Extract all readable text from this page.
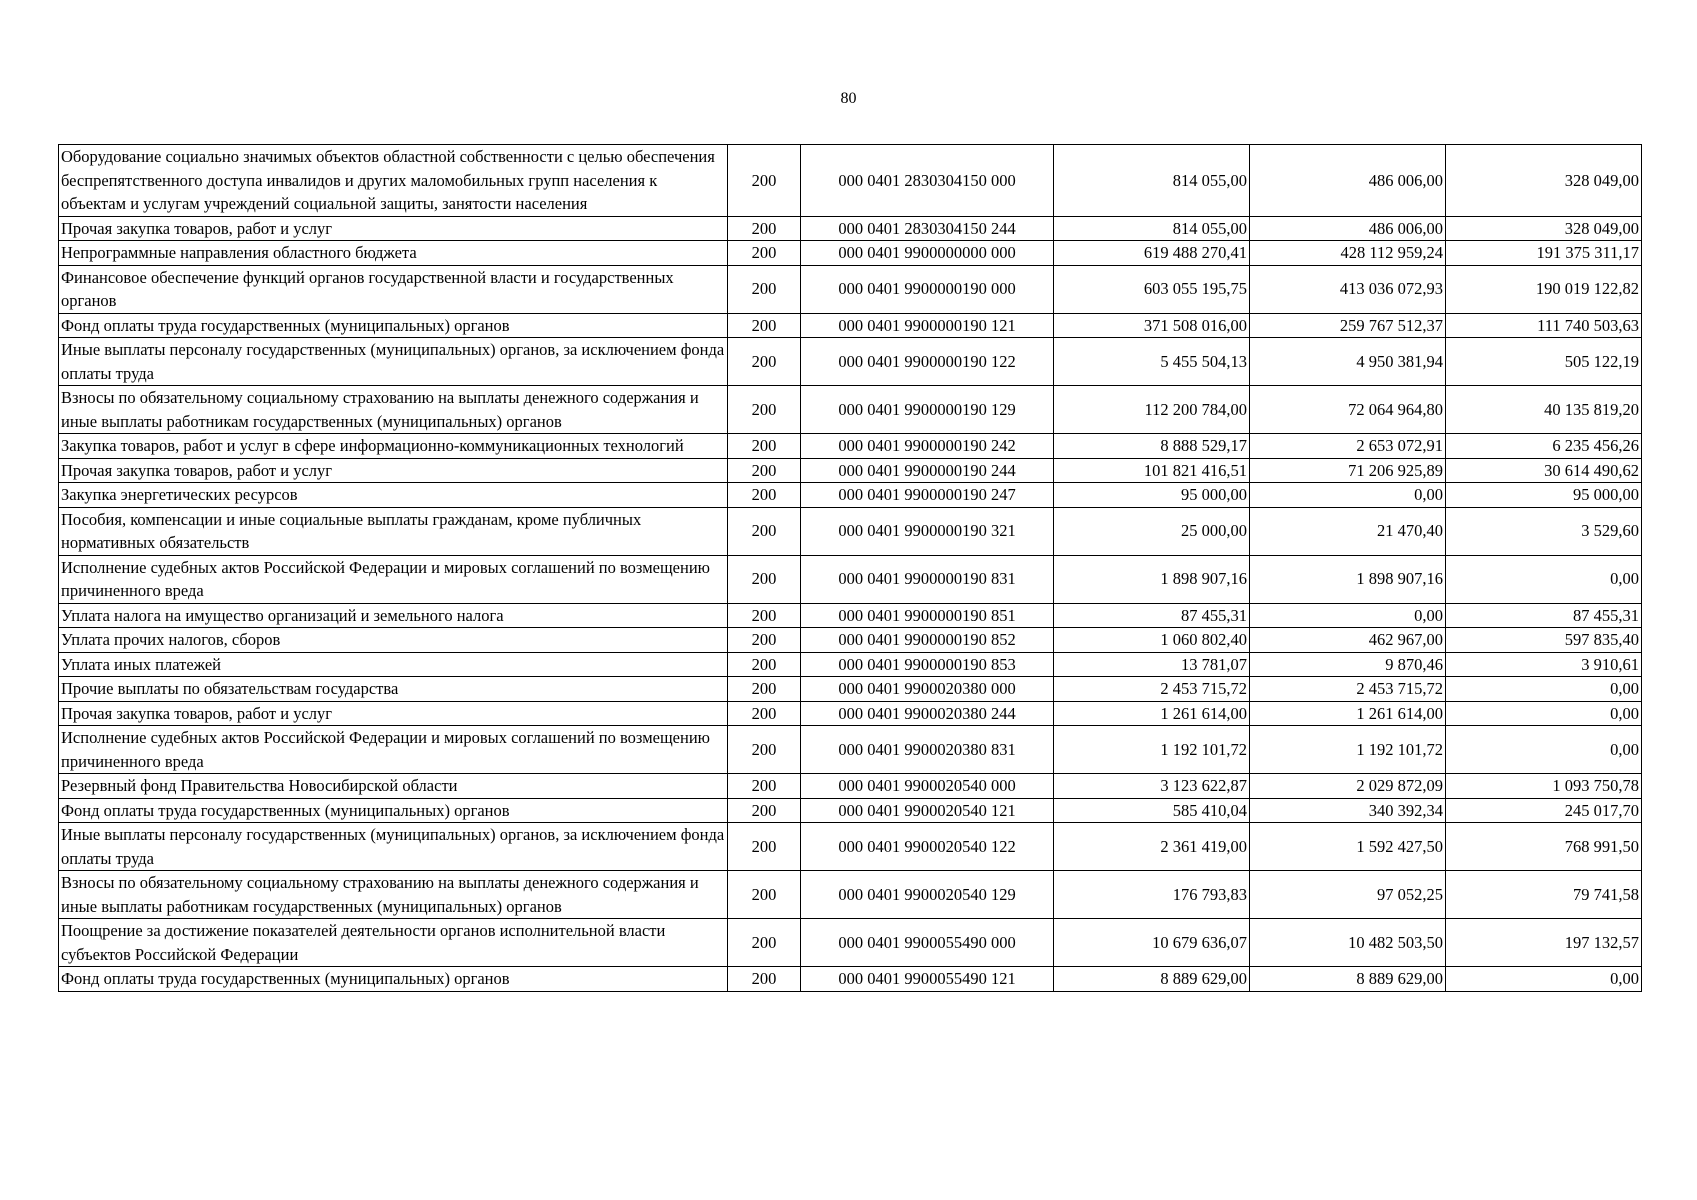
80
Оборудование социально значимых объектов областной собственности с целью обеспечения беспрепятственного доступа инвалидов и других маломобильных групп населения к объектам и услугам учреждений социальной защиты, занятости населения	200	000 0401 2830304150 000	814 055,00	486 006,00	328 049,00
Прочая закупка товаров, работ и услуг	200	000 0401 2830304150 244	814 055,00	486 006,00	328 049,00
Непрограммные направления областного бюджета	200	000 0401 9900000000 000	619 488 270,41	428 112 959,24	191 375 311,17
Финансовое обеспечение функций органов государственной власти и государственных органов	200	000 0401 9900000190 000	603 055 195,75	413 036 072,93	190 019 122,82
Фонд оплаты труда государственных (муниципальных) органов	200	000 0401 9900000190 121	371 508 016,00	259 767 512,37	111 740 503,63
Иные выплаты персоналу государственных (муниципальных) органов, за исключением фонда оплаты труда	200	000 0401 9900000190 122	5 455 504,13	4 950 381,94	505 122,19
Взносы по обязательному социальному страхованию на выплаты денежного содержания и иные выплаты работникам государственных (муниципальных) органов	200	000 0401 9900000190 129	112 200 784,00	72 064 964,80	40 135 819,20
Закупка товаров, работ и услуг в сфере информационно-коммуникационных технологий	200	000 0401 9900000190 242	8 888 529,17	2 653 072,91	6 235 456,26
Прочая закупка товаров, работ и услуг	200	000 0401 9900000190 244	101 821 416,51	71 206 925,89	30 614 490,62
Закупка энергетических ресурсов	200	000 0401 9900000190 247	95 000,00	0,00	95 000,00
Пособия, компенсации и иные социальные выплаты гражданам, кроме публичных нормативных обязательств	200	000 0401 9900000190 321	25 000,00	21 470,40	3 529,60
Исполнение судебных актов Российской Федерации и мировых соглашений по возмещению причиненного вреда	200	000 0401 9900000190 831	1 898 907,16	1 898 907,16	0,00
Уплата налога на имущество организаций и земельного налога	200	000 0401 9900000190 851	87 455,31	0,00	87 455,31
Уплата прочих налогов, сборов	200	000 0401 9900000190 852	1 060 802,40	462 967,00	597 835,40
Уплата иных платежей	200	000 0401 9900000190 853	13 781,07	9 870,46	3 910,61
Прочие выплаты по обязательствам государства	200	000 0401 9900020380 000	2 453 715,72	2 453 715,72	0,00
Прочая закупка товаров, работ и услуг	200	000 0401 9900020380 244	1 261 614,00	1 261 614,00	0,00
Исполнение судебных актов Российской Федерации и мировых соглашений по возмещению причиненного вреда	200	000 0401 9900020380 831	1 192 101,72	1 192 101,72	0,00
Резервный фонд Правительства Новосибирской области	200	000 0401 9900020540 000	3 123 622,87	2 029 872,09	1 093 750,78
Фонд оплаты труда государственных (муниципальных) органов	200	000 0401 9900020540 121	585 410,04	340 392,34	245 017,70
Иные выплаты персоналу государственных (муниципальных) органов, за исключением фонда оплаты труда	200	000 0401 9900020540 122	2 361 419,00	1 592 427,50	768 991,50
Взносы по обязательному социальному страхованию на выплаты денежного содержания и иные выплаты работникам государственных (муниципальных) органов	200	000 0401 9900020540 129	176 793,83	97 052,25	79 741,58
Поощрение за достижение показателей деятельности органов исполнительной власти субъектов Российской Федерации	200	000 0401 9900055490 000	10 679 636,07	10 482 503,50	197 132,57
Фонд оплаты труда государственных (муниципальных) органов	200	000 0401 9900055490 121	8 889 629,00	8 889 629,00	0,00
